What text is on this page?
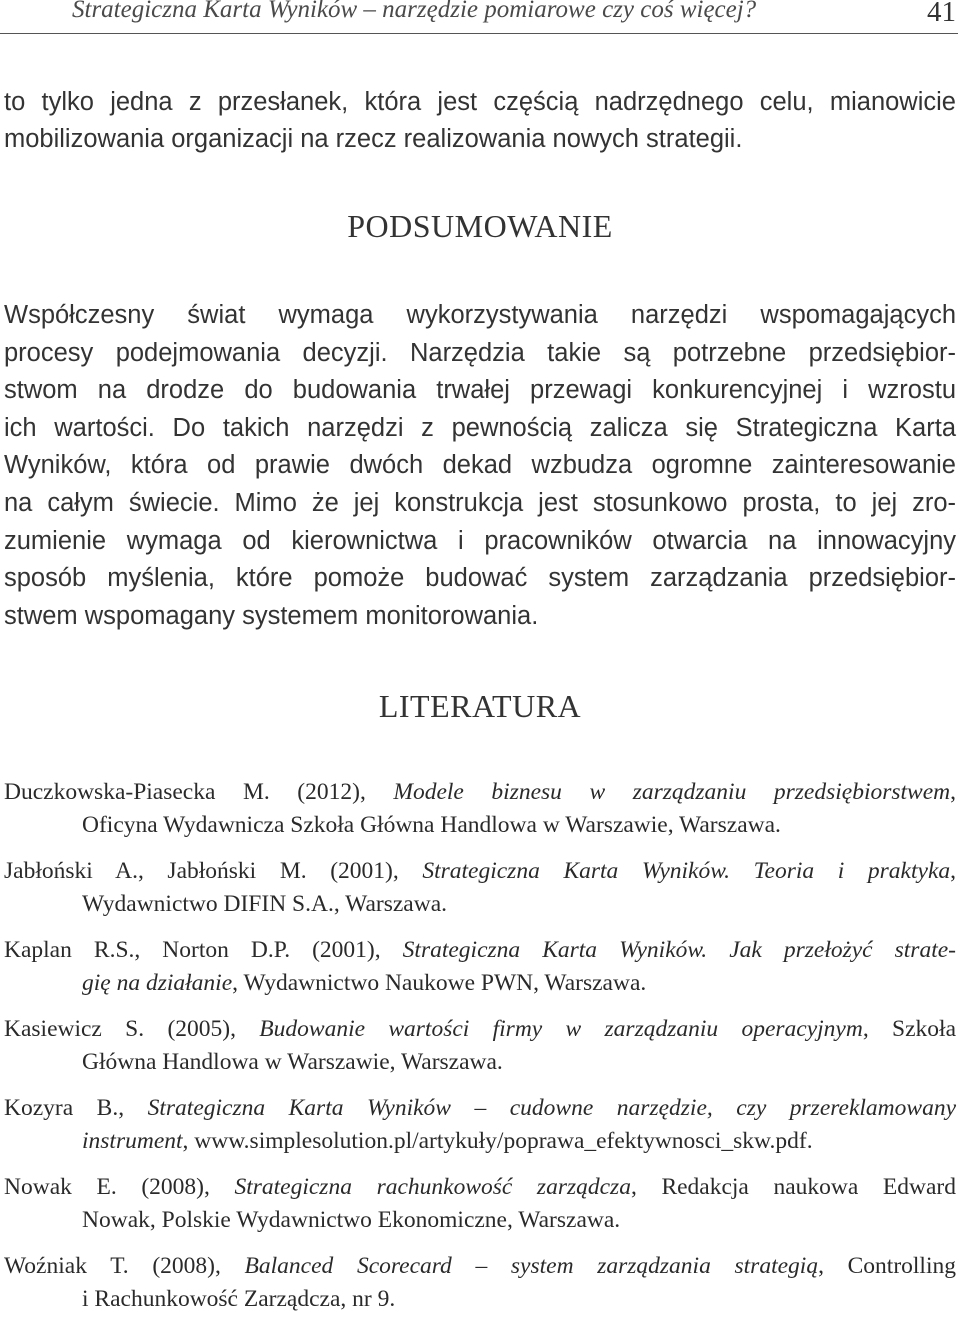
Strategiczna Karta Wyników – narzędzie pomiarowe czy coś więcej?	41

to tylko jedna z przesłanek, która jest częścią nadrzędnego celu, mianowicie
mobilizowania organizacji na rzecz realizowania nowych strategii.

PODSUMOWANIE

Współczesny świat wymaga wykorzystywania narzędzi wspomagających
procesy podejmowania decyzji. Narzędzia takie są potrzebne przedsiębior-
stwom na drodze do budowania trwałej przewagi konkurencyjnej i wzrostu
ich wartości. Do takich narzędzi z pewnością zalicza się Strategiczna Karta
Wyników, która od prawie dwóch dekad wzbudza ogromne zainteresowanie
na całym świecie. Mimo że jej konstrukcja jest stosunkowo prosta, to jej zro-
zumienie wymaga od kierownictwa i pracowników otwarcia na innowacyjny
sposób myślenia, które pomoże budować system zarządzania przedsiębior-
stwem wspomagany systemem monitorowania.

LITERATURA
Duczkowska-Piasecka M. (2012), Modele biznesu w zarządzaniu przedsiębiorstwem,
Oficyna Wydawnicza Szkoła Główna Handlowa w Warszawie, Warszawa.
Jabłoński A., Jabłoński M. (2001), Strategiczna Karta Wyników. Teoria i praktyka,
Wydawnictwo DIFIN S.A., Warszawa.
Kaplan R.S., Norton D.P. (2001), Strategiczna Karta Wyników. Jak przełożyć strate-
gię na działanie, Wydawnictwo Naukowe PWN, Warszawa.
Kasiewicz S. (2005), Budowanie wartości firmy w zarządzaniu operacyjnym, Szkoła
Główna Handlowa w Warszawie, Warszawa.
Kozyra B., Strategiczna Karta Wyników – cudowne narzędzie, czy przereklamowany
instrument, www.simplesolution.pl/artykuły/poprawa_efektywnosci_skw.pdf.
Nowak E. (2008), Strategiczna rachunkowość zarządcza, Redakcja naukowa Edward
Nowak, Polskie Wydawnictwo Ekonomiczne, Warszawa.
Woźniak T. (2008), Balanced Scorecard – system zarządzania strategią, Controlling
i Rachunkowość Zarządcza, nr 9.
